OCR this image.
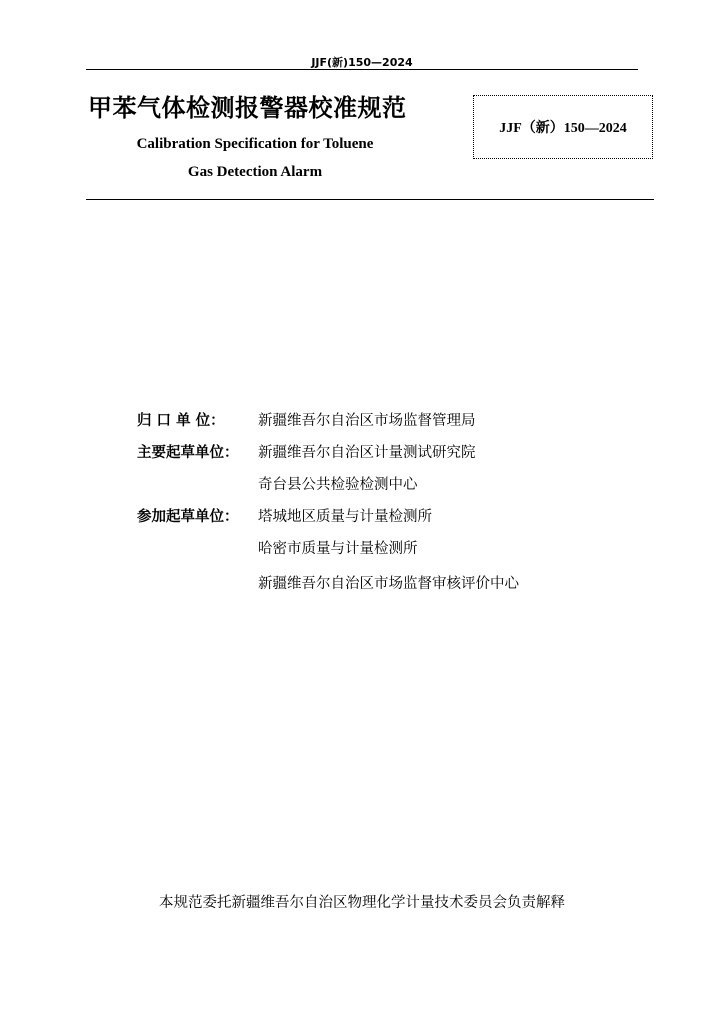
JJF(新)150—2024
甲苯气体检测报警器校准规范
Calibration Specification for Toluene
Gas Detection Alarm
JJF（新）150—2024
归 口 单 位：	新疆维吾尔自治区市场监督管理局
主要起草单位：	新疆维吾尔自治区计量测试研究院
奇台县公共检验检测中心
参加起草单位：	塔城地区质量与计量检测所
哈密市质量与计量检测所
新疆维吾尔自治区市场监督审核评价中心
本规范委托新疆维吾尔自治区物理化学计量技术委员会负责解释
